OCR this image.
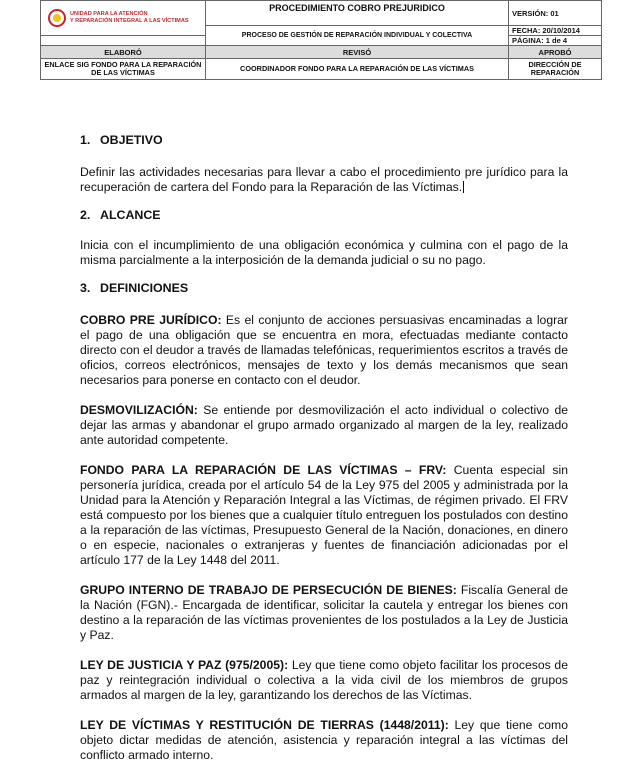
UNIDAD PARA LA ATENCIÓN
Y REPARACIÓN INTEGRAL A LAS VÍCTIMAS	PROCEDIMIENTO COBRO PREJURIDICO	VERSIÓN: 01
	PROCESO DE GESTIÓN DE REPARACIÓN INDIVIDUAL Y COLECTIVA	FECHA: 20/10/2014
		PÁGINA: 1 de 4
ELABORÓ	REVISÓ	APROBÓ
ENLACE SIG FONDO PARA LA REPARACIÓN DE LAS VÍCTIMAS	COORDINADOR FONDO PARA LA REPARACIÓN DE LAS VÍCTIMAS	DIRECCIÓN DE REPARACIÓN
1. OBJETIVO

Definir las actividades necesarias para llevar a cabo el procedimiento pre jurídico para la recuperación de cartera del Fondo para la Reparación de las Víctimas.

2. ALCANCE

Inicia con el incumplimiento de una obligación económica y culmina con el pago de la misma parcialmente a la interposición de la demanda judicial o su no pago.

3. DEFINICIONES

COBRO PRE JURÍDICO: Es el conjunto de acciones persuasivas encaminadas a lograr el pago de una obligación que se encuentra en mora, efectuadas mediante contacto directo con el deudor a través de llamadas telefónicas, requerimientos escritos a través de oficios, correos electrónicos, mensajes de texto y los demás mecanismos que sean necesarios para ponerse en contacto con el deudor.

DESMOVILIZACIÓN: Se entiende por desmovilización el acto individual o colectivo de dejar las armas y abandonar el grupo armado organizado al margen de la ley, realizado ante autoridad competente.

FONDO PARA LA REPARACIÓN DE LAS VÍCTIMAS – FRV: Cuenta especial sin personería jurídica, creada por el artículo 54 de la Ley 975 del 2005 y administrada por la Unidad para la Atención y Reparación Integral a las Víctimas, de régimen privado. El FRV está compuesto por los bienes que a cualquier título entreguen los postulados con destino a la reparación de las víctimas, Presupuesto General de la Nación, donaciones, en dinero o en especie, nacionales o extranjeras y fuentes de financiación adicionadas por el artículo 177 de la Ley 1448 del 2011.

GRUPO INTERNO DE TRABAJO DE PERSECUCIÓN DE BIENES: Fiscalía General de la Nación (FGN).- Encargada de identificar, solicitar la cautela y entregar los bienes con destino a la reparación de las víctimas provenientes de los postulados a la Ley de Justicia y Paz.

LEY DE JUSTICIA Y PAZ (975/2005): Ley que tiene como objeto facilitar los procesos de paz y reintegración individual o colectiva a la vida civil de los miembros de grupos armados al margen de la ley, garantizando los derechos de las Víctimas.

LEY DE VÍCTIMAS Y RESTITUCIÓN DE TIERRAS (1448/2011): Ley que tiene como objeto dictar medidas de atención, asistencia y reparación integral a las víctimas del conflicto armado interno.
